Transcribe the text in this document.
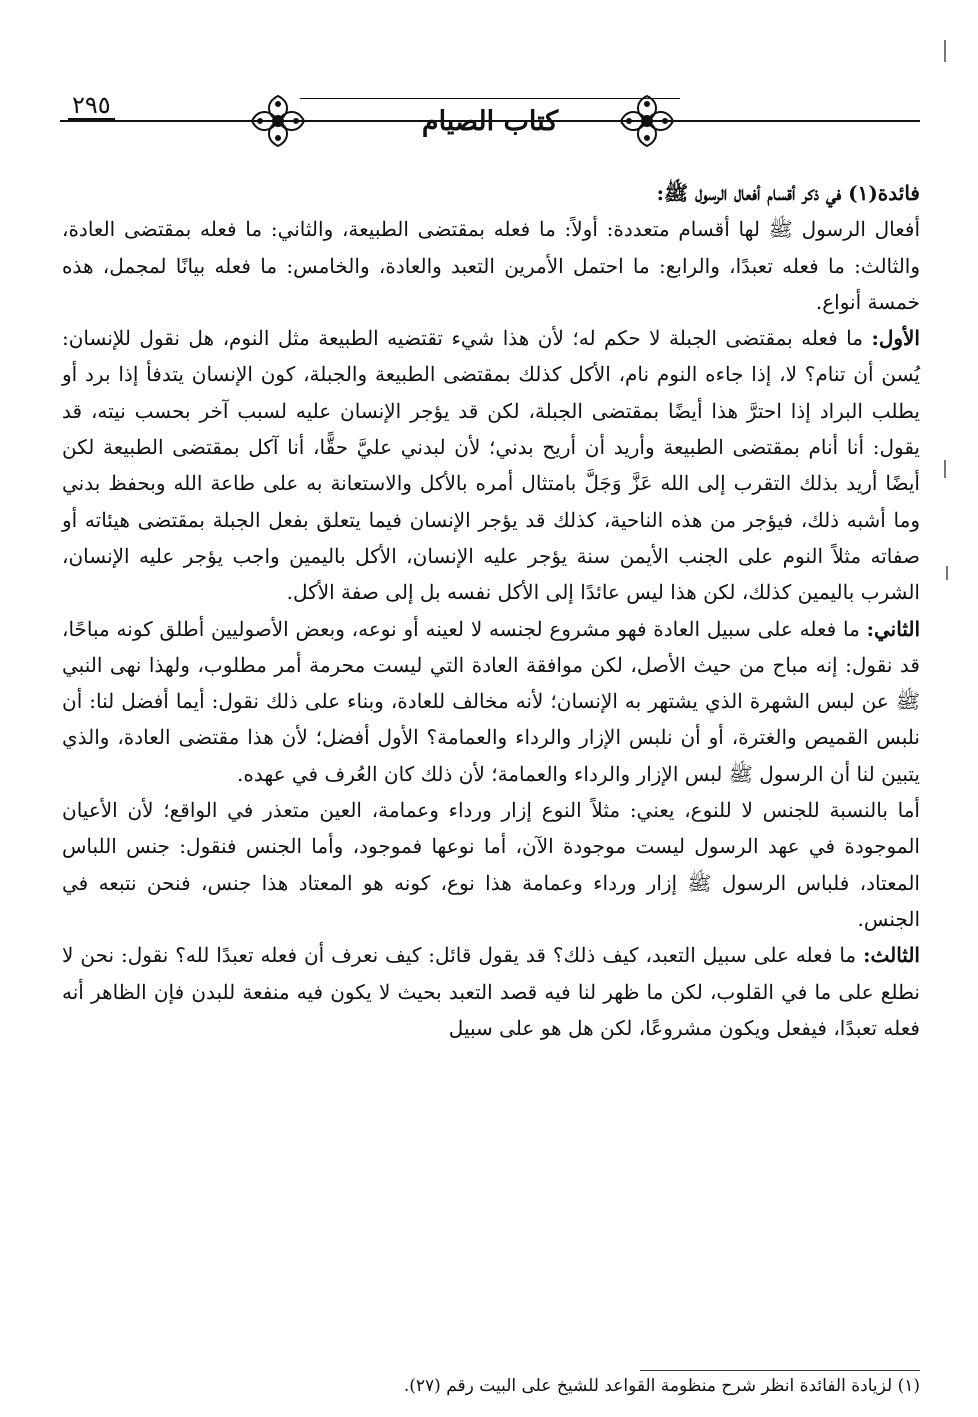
٢٩٥
كتاب الصيام

فائدة(١) في ذكر أقسام أفعال الرسول ﷺ:

أفعال الرسول ﷺ لها أقسام متعددة: أولاً: ما فعله بمقتضى الطبيعة، والثاني: ما فعله بمقتضى العادة، والثالث: ما فعله تعبدًا، والرابع: ما احتمل الأمرين التعبد والعادة، والخامس: ما فعله بيانًا لمجمل، هذه خمسة أنواع.

الأول: ما فعله بمقتضى الجبلة لا حكم له؛ لأن هذا شيء تقتضيه الطبيعة مثل النوم، هل نقول للإنسان: يُسن أن تنام؟ لا، إذا جاءه النوم نام، الأكل كذلك بمقتضى الطبيعة والجبلة، كون الإنسان يتدفأ إذا برد أو يطلب البراد إذا احترَّ هذا أيضًا بمقتضى الجبلة، لكن قد يؤجر الإنسان عليه لسبب آخر بحسب نيته، قد يقول: أنا أنام بمقتضى الطبيعة وأريد أن أريح بدني؛ لأن لبدني عليَّ حقًّا، أنا آكل بمقتضى الطبيعة لكن أيضًا أريد بذلك التقرب إلى الله عَزَّ وَجَلَّ بامتثال أمره بالأكل والاستعانة به على طاعة الله وبحفظ بدني وما أشبه ذلك، فيؤجر من هذه الناحية، كذلك قد يؤجر الإنسان فيما يتعلق بفعل الجبلة بمقتضى هيئاته أو صفاته مثلاً النوم على الجنب الأيمن سنة يؤجر عليه الإنسان، الأكل باليمين واجب يؤجر عليه الإنسان، الشرب باليمين كذلك، لكن هذا ليس عائدًا إلى الأكل نفسه بل إلى صفة الأكل.

الثاني: ما فعله على سبيل العادة فهو مشروع لجنسه لا لعينه أو نوعه، وبعض الأصوليين أطلق كونه مباحًا، قد نقول: إنه مباح من حيث الأصل، لكن موافقة العادة التي ليست محرمة أمر مطلوب، ولهذا نهى النبي ﷺ عن لبس الشهرة الذي يشتهر به الإنسان؛ لأنه مخالف للعادة، وبناء على ذلك نقول: أيما أفضل لنا: أن نلبس القميص والغترة، أو أن نلبس الإزار والرداء والعمامة؟ الأول أفضل؛ لأن هذا مقتضى العادة، والذي يتبين لنا أن الرسول ﷺ لبس الإزار والرداء والعمامة؛ لأن ذلك كان العُرف في عهده.

أما بالنسبة للجنس لا للنوع، يعني: مثلاً النوع إزار ورداء وعمامة، العين متعذر في الواقع؛ لأن الأعيان الموجودة في عهد الرسول ليست موجودة الآن، أما نوعها فموجود، وأما الجنس فنقول: جنس اللباس المعتاد، فلباس الرسول ﷺ إزار ورداء وعمامة هذا نوع، كونه هو المعتاد هذا جنس، فنحن نتبعه في الجنس.

الثالث: ما فعله على سبيل التعبد، كيف ذلك؟ قد يقول قائل: كيف نعرف أن فعله تعبدًا لله؟ نقول: نحن لا نطلع على ما في القلوب، لكن ما ظهر لنا فيه قصد التعبد بحيث لا يكون فيه منفعة للبدن فإن الظاهر أنه فعله تعبدًا، فيفعل ويكون مشروعًا، لكن هل هو على سبيل

(١) لزيادة الفائدة انظر شرح منظومة القواعد للشيخ على البيت رقم (٢٧).
